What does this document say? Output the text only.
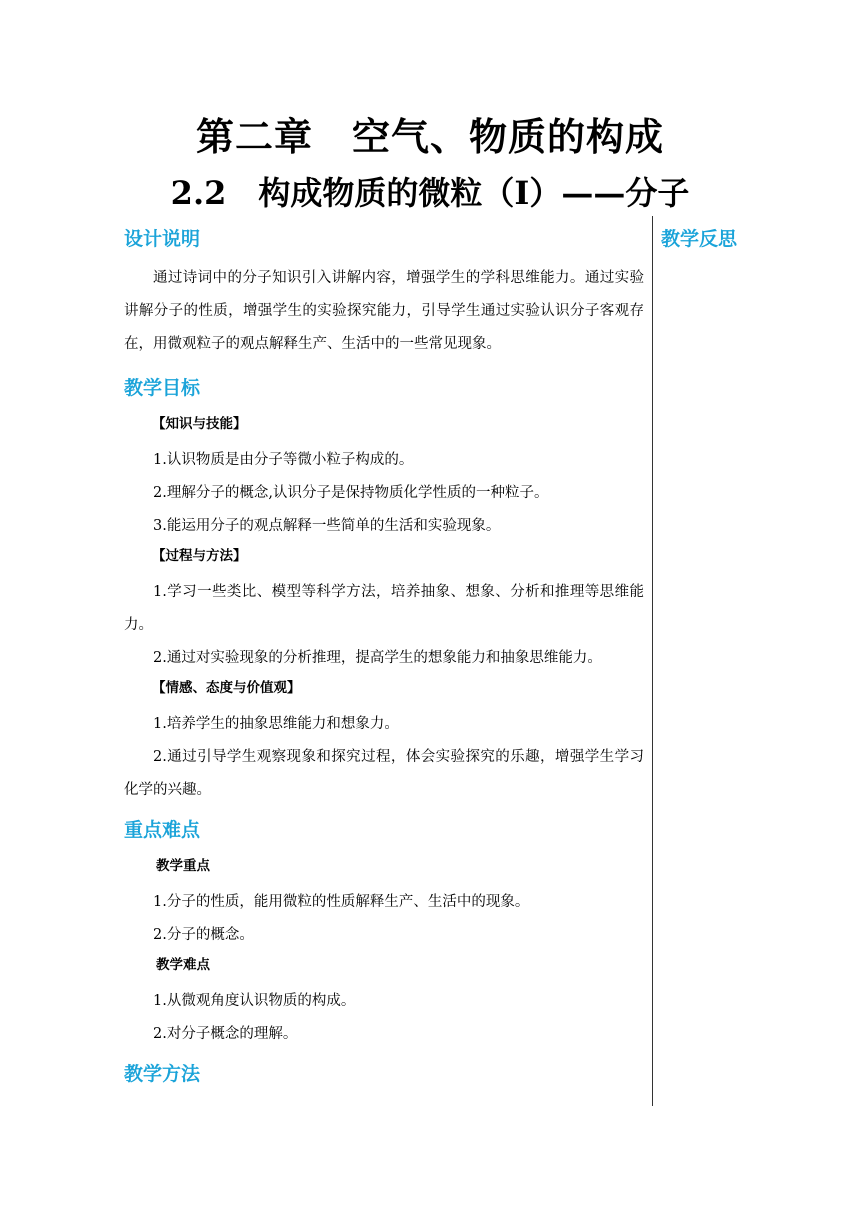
第二章　空气、物质的构成
2.2　构成物质的微粒（Ⅰ）——分子

教学反思

设计说明

通过诗词中的分子知识引入讲解内容，增强学生的学科思维能力。通过实验讲解分子的性质，增强学生的实验探究能力，引导学生通过实验认识分子客观存在，用微观粒子的观点解释生产、生活中的一些常见现象。

教学目标

【知识与技能】

1.认识物质是由分子等微小粒子构成的。

2.理解分子的概念,认识分子是保持物质化学性质的一种粒子。

3.能运用分子的观点解释一些简单的生活和实验现象。

【过程与方法】

1.学习一些类比、模型等科学方法，培养抽象、想象、分析和推理等思维能力。

2.通过对实验现象的分析推理，提高学生的想象能力和抽象思维能力。

【情感、态度与价值观】

1.培养学生的抽象思维能力和想象力。

2.通过引导学生观察现象和探究过程，体会实验探究的乐趣，增强学生学习化学的兴趣。

重点难点

教学重点

1.分子的性质，能用微粒的性质解释生产、生活中的现象。

2.分子的概念。

教学难点

1.从微观角度认识物质的构成。

2.对分子概念的理解。

教学方法
